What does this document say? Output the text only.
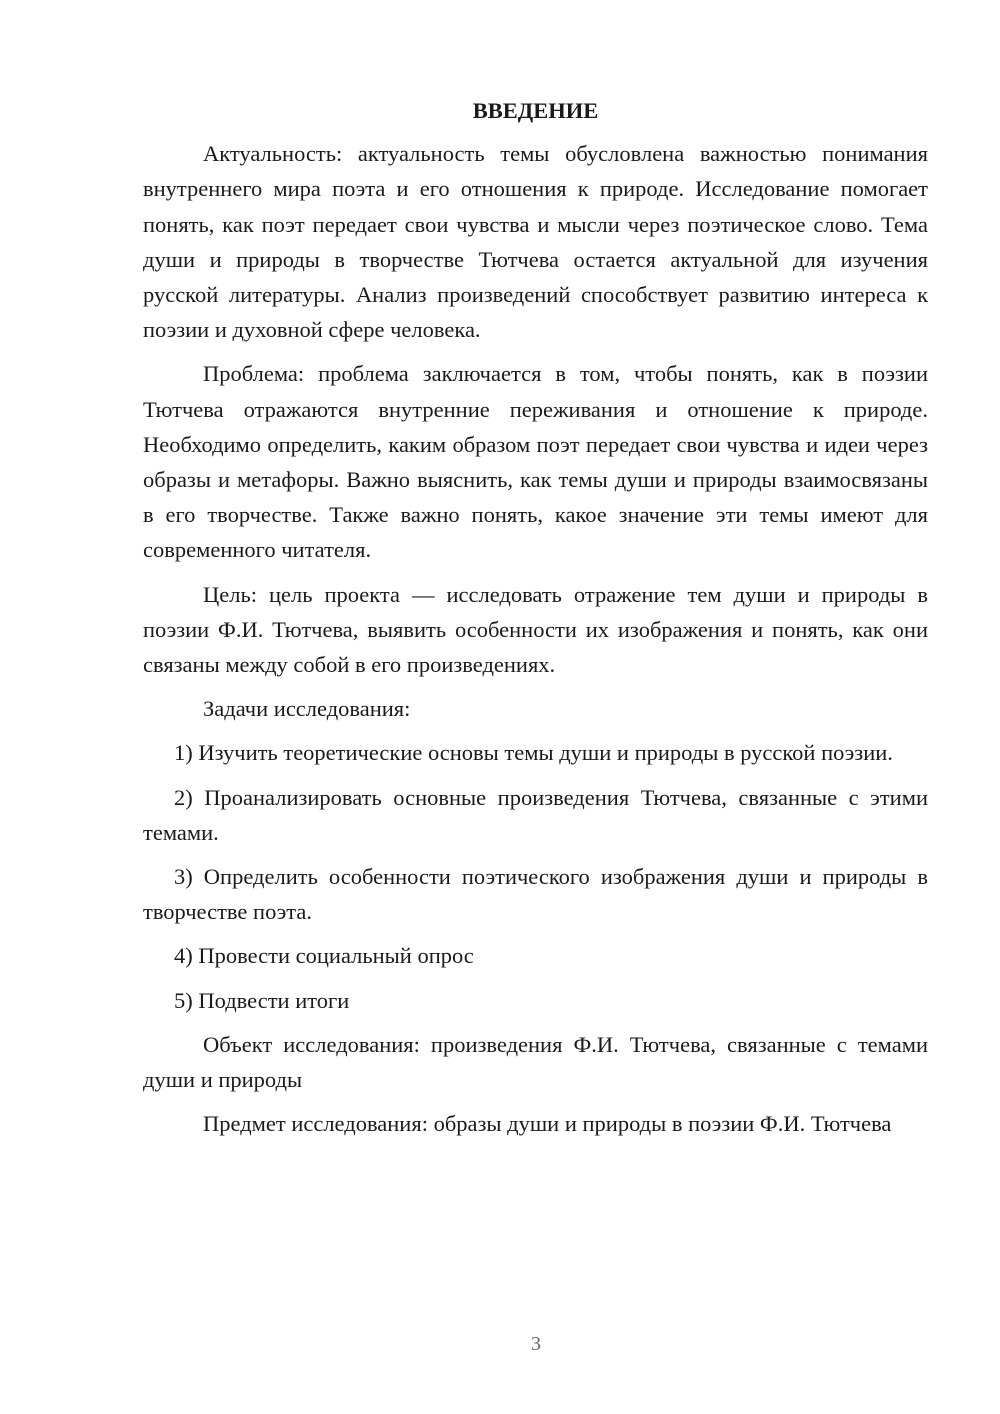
ВВЕДЕНИЕ

Актуальность: актуальность темы обусловлена важностью понимания внутреннего мира поэта и его отношения к природе. Исследование помогает понять, как поэт передает свои чувства и мысли через поэтическое слово. Тема души и природы в творчестве Тютчева остается актуальной для изучения русской литературы. Анализ произведений способствует развитию интереса к поэзии и духовной сфере человека.

Проблема: проблема заключается в том, чтобы понять, как в поэзии Тютчева отражаются внутренние переживания и отношение к природе. Необходимо определить, каким образом поэт передает свои чувства и идеи через образы и метафоры. Важно выяснить, как темы души и природы взаимосвязаны в его творчестве. Также важно понять, какое значение эти темы имеют для современного читателя.

Цель: цель проекта — исследовать отражение тем души и природы в поэзии Ф.И. Тютчева, выявить особенности их изображения и понять, как они связаны между собой в его произведениях.

Задачи исследования:

1) Изучить теоретические основы темы души и природы в русской поэзии.

2) Проанализировать основные произведения Тютчева, связанные с этими темами.

3) Определить особенности поэтического изображения души и природы в творчестве поэта.

4) Провести социальный опрос

5) Подвести итоги

Объект исследования: произведения Ф.И. Тютчева, связанные с темами души и природы

Предмет исследования: образы души и природы в поэзии Ф.И. Тютчева

3
